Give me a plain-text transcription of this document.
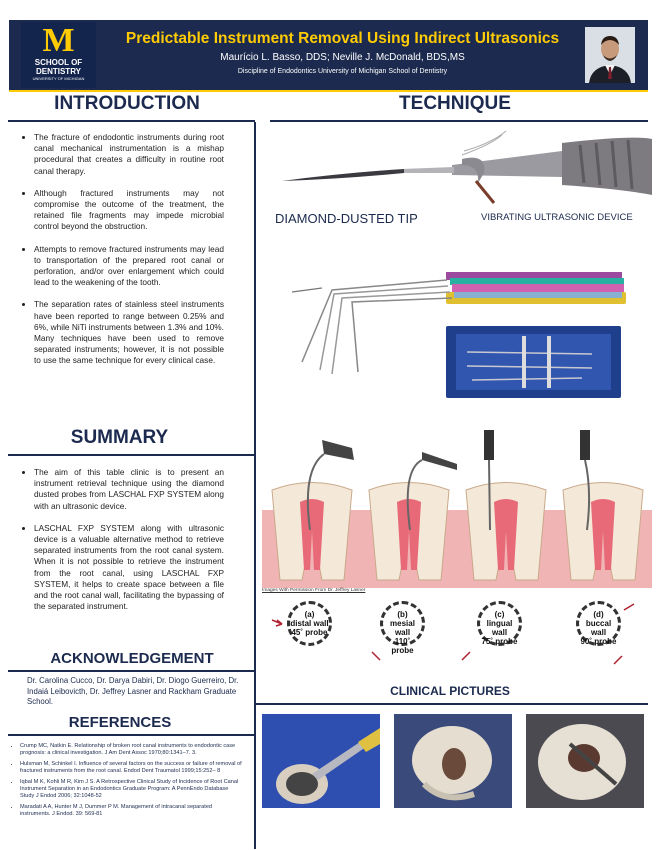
M
SCHOOL OF
DENTISTRY
UNIVERSITY OF MICHIGAN
Predictable Instrument Removal Using Indirect Ultrasonics
Maurício L. Basso, DDS; Neville J. McDonald, BDS,MS
Discipline of Endodontics University of Michigan School of Dentistry
INTRODUCTION
• The fracture of endodontic instruments during root canal mechanical instrumentation is a mishap procedural that creates a difficulty in routine root canal therapy.
• Although fractured instruments may not compromise the outcome of the treatment, the retained file fragments may impede microbial control beyond the obstruction.
• Attempts to remove fractured instruments may lead to transportation of the prepared root canal or perforation, and/or over enlargement which could lead to the weakening of the tooth.
• The separation rates of stainless steel instruments have been reported to range between 0.25% and 6%, while NiTi instruments between 1.3% and 10%. Many techniques have been used to remove separated instruments; however, it is not possible to use the same technique for every clinical case.
SUMMARY
• The aim of this table clinic is to present an instrument retrieval technique using the diamond dusted probes from LASCHAL FXP SYSTEM along with an ultrasonic device.
• LASCHAL FXP SYSTEM along with ultrasonic device is a valuable alternative method to retrieve separated instruments from the root canal system. When it is not possible to retrieve the instrument from the root canal, using LASCHAL FXP SYSTEM, it helps to create space between a file and the root canal wall, facilitating the bypassing of the separated instrument.
ACKNOWLEDGEMENT
Dr. Carolina Cucco, Dr. Darya Dabiri, Dr. Diogo Guerreiro, Dr. Indaiá Leibovicth, Dr. Jeffrey Lasner and Rackham Graduate School.
REFERENCES
• Crump MC, Natkin E. Relationship of broken root canal instruments to endodontic case prognosis: a clinical investigation. J Am Dent Assoc 1970;80:1341–7. 3.
• Hulsman M, Schinkel I. Influence of several factors on the success or failure of removal of fractured instruments from the root canal. Endod Dent Traumatol 1999;15:252– 8
• Iqbal M K, Kohli M R, Kim J S. A Retrospective Clinical Study of Incidence of Root Canal Instrument Separation in an Endodontics Graduate Program: A PennEndo Database Study J Endod 2006; 32:1048-52
• Maradati A A, Hunter M J, Dummer P M. Management of intracanal separated instruments. J Endod. 39: 569-81
TECHNIQUE
DIAMOND-DUSTED TIP	VIBRATING ULTRASONIC DEVICE
Images With Permission From Dr. Jeffrey Lasner
(a)
distal wall
45˚ probe
(b)
mesial wall
110˚ probe
(c)
lingual wall
75˚ probe
(d)
buccal wall
90˚ probe
CLINICAL PICTURES
